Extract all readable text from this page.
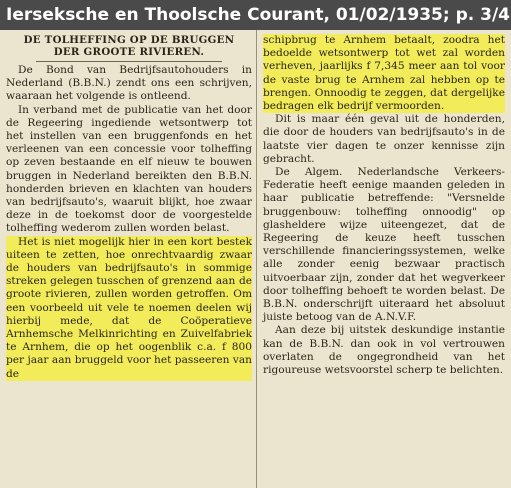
Ierseksche en Thoolsche Courant, 01/02/1935; p. 3/4
DE TOLHEFFING OP DE BRUGGEN
DER GROOTE RIVIEREN.

De Bond van Bedrijfsautohouders in Nederland (B.B.N.) zendt ons een schrijven, waaraan het volgende is ontleend.

In verband met de publicatie van het door de Regeering ingediende wetsontwerp tot het instellen van een bruggenfonds en het verleenen van een concessie voor tolheffing op zeven bestaande en elf nieuw te bouwen bruggen in Nederland bereikten den B.B.N. honderden brieven en klachten van houders van bedrijfsauto's, waaruit blijkt, hoe zwaar deze in de toekomst door de voorgestelde tolheffing wederom zullen worden belast.

Het is niet mogelijk hier in een kort bestek uiteen te zetten, hoe onrechtvaardig zwaar de houders van bedrijfsauto's in sommige streken gelegen tusschen of grenzend aan de groote rivieren, zullen worden getroffen. Om een voorbeeld uit vele te noemen deelen wij hierbij mede, dat de Coöperatieve Arnhemsche Melkinrichting en Zuivelfabriek te Arnhem, die op het oogenblik c.a. f 800 per jaar aan bruggeld voor het passeeren van de

schipbrug te Arnhem betaalt, zoodra het bedoelde wetsontwerp tot wet zal worden verheven, jaarlijks f 7,345 meer aan tol voor de vaste brug te Arnhem zal hebben op te brengen. Onnoodig te zeggen, dat dergelijke bedragen elk bedrijf vermoorden.

Dit is maar één geval uit de honderden, die door de houders van bedrijfsauto's in de laatste vier dagen te onzer kennisse zijn gebracht.

De Algem. Nederlandsche Verkeers-Federatie heeft eenige maanden geleden in haar publicatie betreffende: "Versnelde bruggenbouw: tolheffing onnoodig" op glasheldere wijze uiteengezet, dat de Regeering de keuze heeft tusschen verschillende financieringssystemen, welke alle zonder eenig bezwaar practisch uitvoerbaar zijn, zonder dat het wegverkeer door tolheffing behoeft te worden belast. De B.B.N. onderschrijft uiteraard het absoluut juiste betoog van de A.N.V.F.

Aan deze bij uitstek deskundige instantie kan de B.B.N. dan ook in vol vertrouwen overlaten de ongegrondheid van het rigoureuse wetsvoorstel scherp te belichten.
